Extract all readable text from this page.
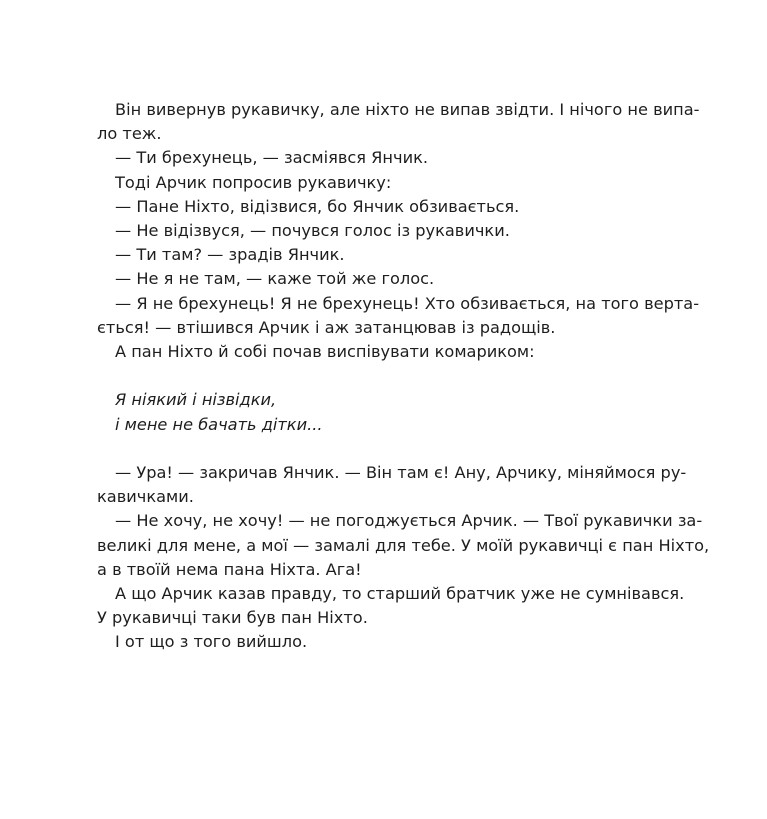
Він вивернув рукавичку, але ніхто не випав звідти. І нічого не випа-
ло теж.
— Ти брехунець, — засміявся Янчик.
Тоді Арчик попросив рукавичку:
— Пане Ніхто, відізвися, бо Янчик обзивається.
— Не відізвуся, — почувся голос із рукавички.
— Ти там? — зрадів Янчик.
— Не я не там, — каже той же голос.
— Я не брехунець! Я не брехунець! Хто обзивається, на того верта-
ється! — втішився Арчик і аж затанцював із радощів.
А пан Ніхто й собі почав виспівувати комариком:
Я ніякий і нізвідки,
і мене не бачать дітки...
— Ура! — закричав Янчик. — Він там є! Ану, Арчику, міняймося ру-
кавичками.
— Не хочу, не хочу! — не погоджується Арчик. — Твої рукавички за-
великі для мене, а мої — замалі для тебе. У моїй рукавичці є пан Ніхто,
а в твоїй нема пана Ніхта. Ага!
А що Арчик казав правду, то старший братчик уже не сумнівався.
У рукавичці таки був пан Ніхто.
І от що з того вийшло.
